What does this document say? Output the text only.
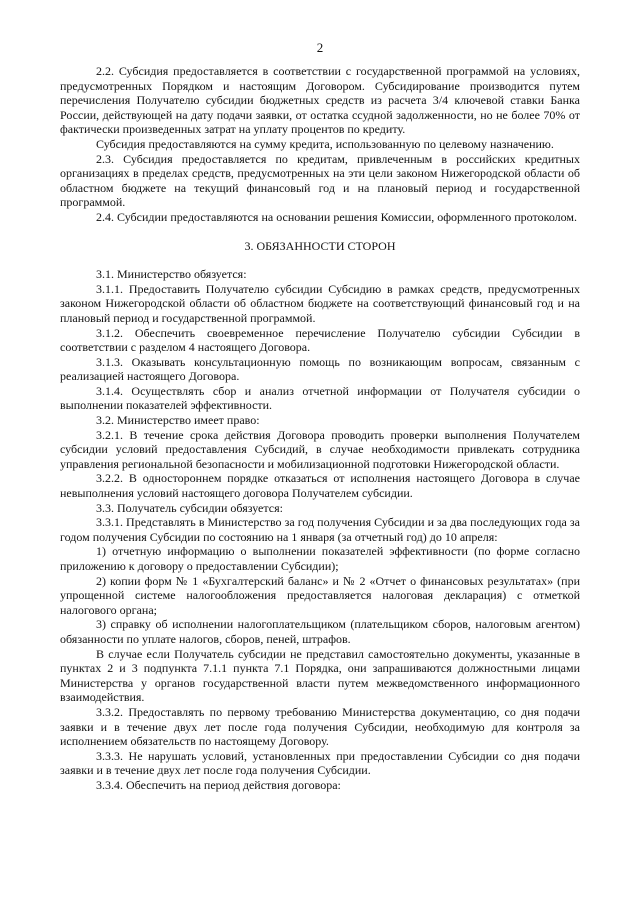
2

2.2. Субсидия предоставляется в соответствии с государственной программой на условиях, предусмотренных Порядком и настоящим Договором. Субсидирование производится путем перечисления Получателю субсидии бюджетных средств из расчета 3/4 ключевой ставки Банка России, действующей на дату подачи заявки, от остатка ссудной задолженности, но не более 70% от фактически произведенных затрат на уплату процентов по кредиту.

Субсидия предоставляются на сумму кредита, использованную по целевому назначению.

2.3. Субсидия предоставляется по кредитам, привлеченным в российских кредитных организациях в пределах средств, предусмотренных на эти цели законом Нижегородской области об областном бюджете на текущий финансовый год и на плановый период и государственной программой.

2.4. Субсидии предоставляются на основании решения Комиссии, оформленного протоколом.

3. ОБЯЗАННОСТИ СТОРОН

3.1. Министерство обязуется:

3.1.1. Предоставить Получателю субсидии Субсидию в рамках средств, предусмотренных законом Нижегородской области об областном бюджете на соответствующий финансовый год и на плановый период и государственной программой.

3.1.2. Обеспечить своевременное перечисление Получателю субсидии Субсидии в соответствии с разделом 4 настоящего Договора.

3.1.3. Оказывать консультационную помощь по возникающим вопросам, связанным с реализацией настоящего Договора.

3.1.4. Осуществлять сбор и анализ отчетной информации от Получателя субсидии о выполнении показателей эффективности.

3.2. Министерство имеет право:

3.2.1. В течение срока действия Договора проводить проверки выполнения Получателем субсидии условий предоставления Субсидий, в случае необходимости привлекать сотрудника управления региональной безопасности и мобилизационной подготовки Нижегородской области.

3.2.2. В одностороннем порядке отказаться от исполнения настоящего Договора в случае невыполнения условий настоящего договора Получателем субсидии.

3.3. Получатель субсидии обязуется:

3.3.1. Представлять в Министерство за год получения Субсидии и за два последующих года за годом получения Субсидии по состоянию на 1 января (за отчетный год) до 10 апреля:

1) отчетную информацию о выполнении показателей эффективности (по форме согласно приложению к договору о предоставлении Субсидии);

2) копии форм № 1 «Бухгалтерский баланс» и № 2 «Отчет о финансовых результатах» (при упрощенной системе налогообложения предоставляется налоговая декларация) с отметкой налогового органа;

3) справку об исполнении налогоплательщиком (плательщиком сборов, налоговым агентом) обязанности по уплате налогов, сборов, пеней, штрафов.

В случае если Получатель субсидии не представил самостоятельно документы, указанные в пунктах 2 и 3 подпункта 7.1.1 пункта 7.1 Порядка, они запрашиваются должностными лицами Министерства у органов государственной власти путем межведомственного информационного взаимодействия.

3.3.2. Предоставлять по первому требованию Министерства документацию, со дня подачи заявки и в течение двух лет после года получения Субсидии, необходимую для контроля за исполнением обязательств по настоящему Договору.

3.3.3. Не нарушать условий, установленных при предоставлении Субсидии со дня подачи заявки и в течение двух лет после года получения Субсидии.

3.3.4. Обеспечить на период действия договора:
